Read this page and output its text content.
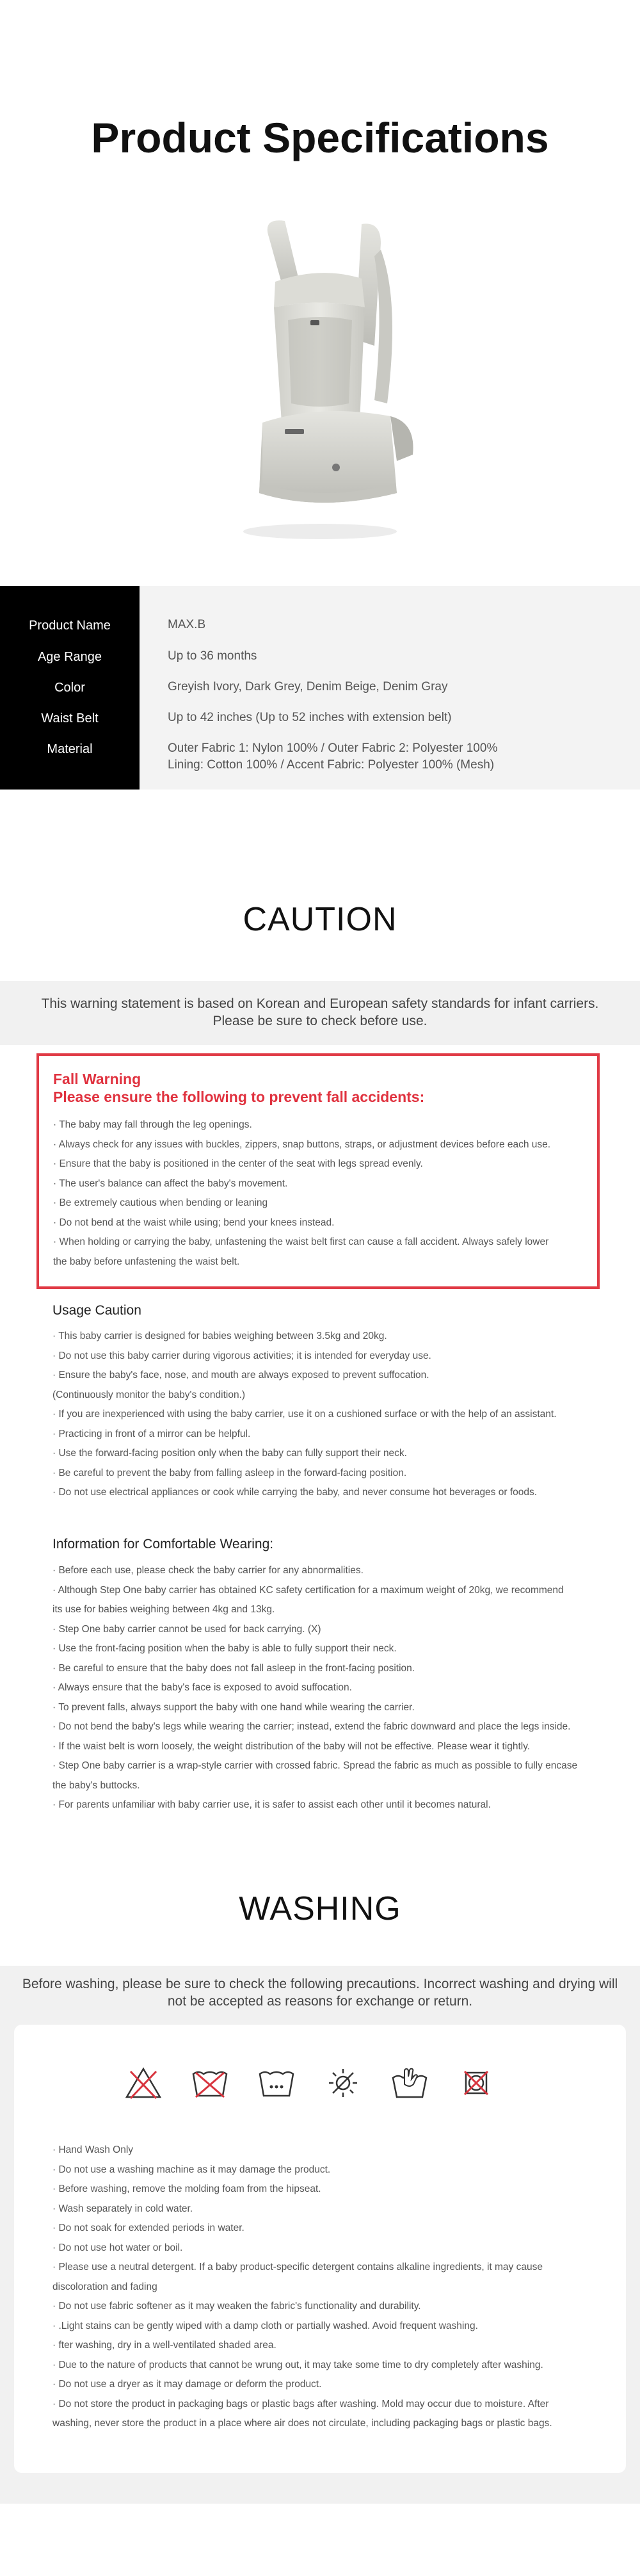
Product Specifications
Product Name
Age Range
Color
Waist Belt
Material
MAX.B
Up to 36 months
Greyish Ivory, Dark Grey, Denim Beige, Denim Gray
Up to 42 inches (Up to 52 inches with extension belt)
Outer Fabric 1: Nylon 100% / Outer Fabric 2: Polyester 100%
Lining: Cotton 100% / Accent Fabric: Polyester 100% (Mesh)
CAUTION
This warning statement is based on Korean and European safety standards for infant carriers.
Please be sure to check before use.
Fall Warning
Please ensure the following to prevent fall accidents:
· The baby may fall through the leg openings.
· Always check for any issues with buckles, zippers, snap buttons, straps, or adjustment devices before each use.
· Ensure that the baby is positioned in the center of the seat with legs spread evenly.
· The user's balance can affect the baby's movement.
· Be extremely cautious when bending or leaning
· Do not bend at the waist while using; bend your knees instead.
· When holding or carrying the baby, unfastening the waist belt first can cause a fall accident. Always safely lower
the baby before unfastening the waist belt.
Usage Caution
· This baby carrier is designed for babies weighing between 3.5kg and 20kg.
· Do not use this baby carrier during vigorous activities; it is intended for everyday use.
· Ensure the baby's face, nose, and mouth are always exposed to prevent suffocation.
(Continuously monitor the baby's condition.)
· If you are inexperienced with using the baby carrier, use it on a cushioned surface or with the help of an assistant.
· Practicing in front of a mirror can be helpful.
· Use the forward-facing position only when the baby can fully support their neck.
· Be careful to prevent the baby from falling asleep in the forward-facing position.
· Do not use electrical appliances or cook while carrying the baby, and never consume hot beverages or foods.
Information for Comfortable Wearing:
· Before each use, please check the baby carrier for any abnormalities.
· Although Step One baby carrier has obtained KC safety certification for a maximum weight of 20kg, we recommend
its use for babies weighing between 4kg and 13kg.
· Step One baby carrier cannot be used for back carrying. (X)
· Use the front-facing position when the baby is able to fully support their neck.
· Be careful to ensure that the baby does not fall asleep in the front-facing position.
· Always ensure that the baby's face is exposed to avoid suffocation.
· To prevent falls, always support the baby with one hand while wearing the carrier.
· Do not bend the baby's legs while wearing the carrier; instead, extend the fabric downward and place the legs inside.
· If the waist belt is worn loosely, the weight distribution of the baby will not be effective. Please wear it tightly.
· Step One baby carrier is a wrap-style carrier with crossed fabric. Spread the fabric as much as possible to fully encase
the baby's buttocks.
· For parents unfamiliar with baby carrier use, it is safer to assist each other until it becomes natural.
WASHING
Before washing, please be sure to check the following precautions. Incorrect washing and drying will
not be accepted as reasons for exchange or return.
· Hand Wash Only
· Do not use a washing machine as it may damage the product.
· Before washing, remove the molding foam from the hipseat.
· Wash separately in cold water.
· Do not soak for extended periods in water.
· Do not use hot water or boil.
· Please use a neutral detergent. If a baby product-specific detergent contains alkaline ingredients, it may cause
discoloration and fading
· Do not use fabric softener as it may weaken the fabric's functionality and durability.
· .Light stains can be gently wiped with a damp cloth or partially washed. Avoid frequent washing.
· fter washing, dry in a well-ventilated shaded area.
· Due to the nature of products that cannot be wrung out, it may take some time to dry completely after washing.
· Do not use a dryer as it may damage or deform the product.
· Do not store the product in packaging bags or plastic bags after washing. Mold may occur due to moisture. After
washing, never store the product in a place where air does not circulate, including packaging bags or plastic bags.
